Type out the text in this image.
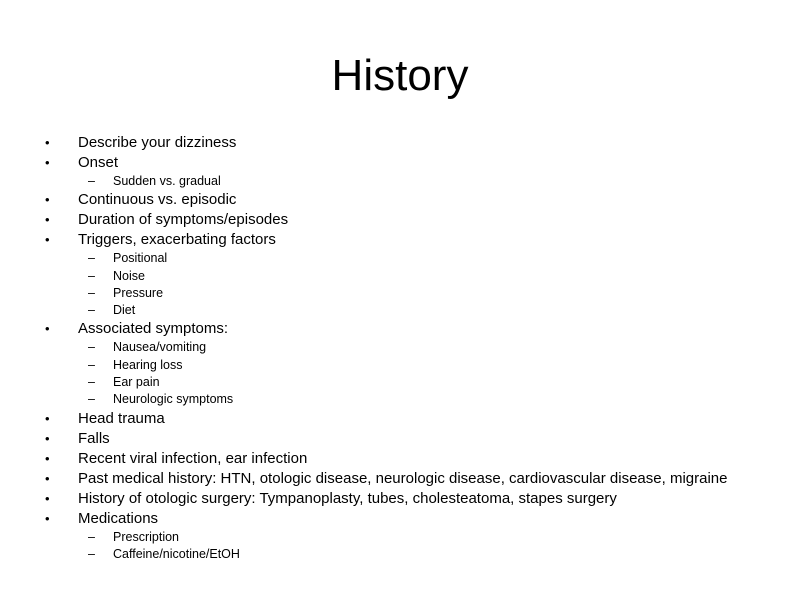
History
• Describe your dizziness
• Onset
– Sudden vs. gradual
• Continuous vs. episodic
• Duration of symptoms/episodes
• Triggers, exacerbating factors
– Positional
– Noise
– Pressure
– Diet
• Associated symptoms:
– Nausea/vomiting
– Hearing loss
– Ear pain
– Neurologic symptoms
• Head trauma
• Falls
• Recent viral infection, ear infection
• Past medical history: HTN, otologic disease, neurologic disease, cardiovascular disease, migraine
• History of otologic surgery: Tympanoplasty, tubes, cholesteatoma, stapes surgery
• Medications
– Prescription
– Caffeine/nicotine/EtOH
